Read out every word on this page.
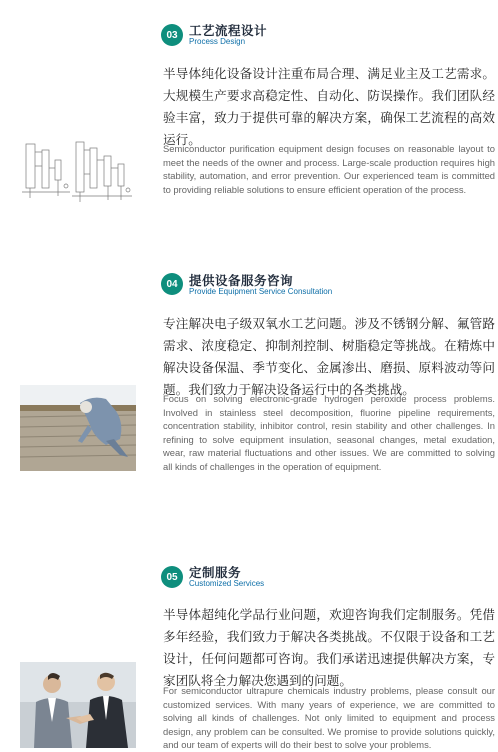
03 工艺流程设计
Process Design
半导体纯化设备设计注重布局合理、满足业主及工艺需求。大规模生产要求高稳定性、自动化、防误操作。我们团队经验丰富，致力于提供可靠的解决方案，确保工艺流程的高效运行。
Semiconductor purification equipment design focuses on reasonable layout to meet the needs of the owner and process. Large-scale production requires high stability, automation, and error prevention. Our experienced team is committed to providing reliable solutions to ensure efficient operation of the process.
04 提供设备服务咨询
Provide Equipment Service Consultation
专注解决电子级双氧水工艺问题。涉及不锈钢分解、氟管路需求、浓度稳定、抑制剂控制、树脂稳定等挑战。在精炼中解决设备保温、季节变化、金属渗出、磨损、原料波动等问题。我们致力于解决设备运行中的各类挑战。
Focus on solving electronic-grade hydrogen peroxide process problems. Involved in stainless steel decomposition, fluorine pipeline requirements, concentration stability, inhibitor control, resin stability and other challenges. In refining to solve equipment insulation, seasonal changes, metal exudation, wear, raw material fluctuations and other issues. We are committed to solving all kinds of challenges in the operation of equipment.
05 定制服务
Customized Services
半导体超纯化学品行业问题，欢迎咨询我们定制服务。凭借多年经验，我们致力于解决各类挑战。不仅限于设备和工艺设计，任何问题都可咨询。我们承诺迅速提供解决方案，专家团队将全力解决您遇到的问题。
For semiconductor ultrapure chemicals industry problems, please consult our customized services. With many years of experience, we are committed to solving all kinds of challenges. Not only limited to equipment and process design, any problem can be consulted. We promise to provide solutions quickly, and our team of experts will do their best to solve your problems.
